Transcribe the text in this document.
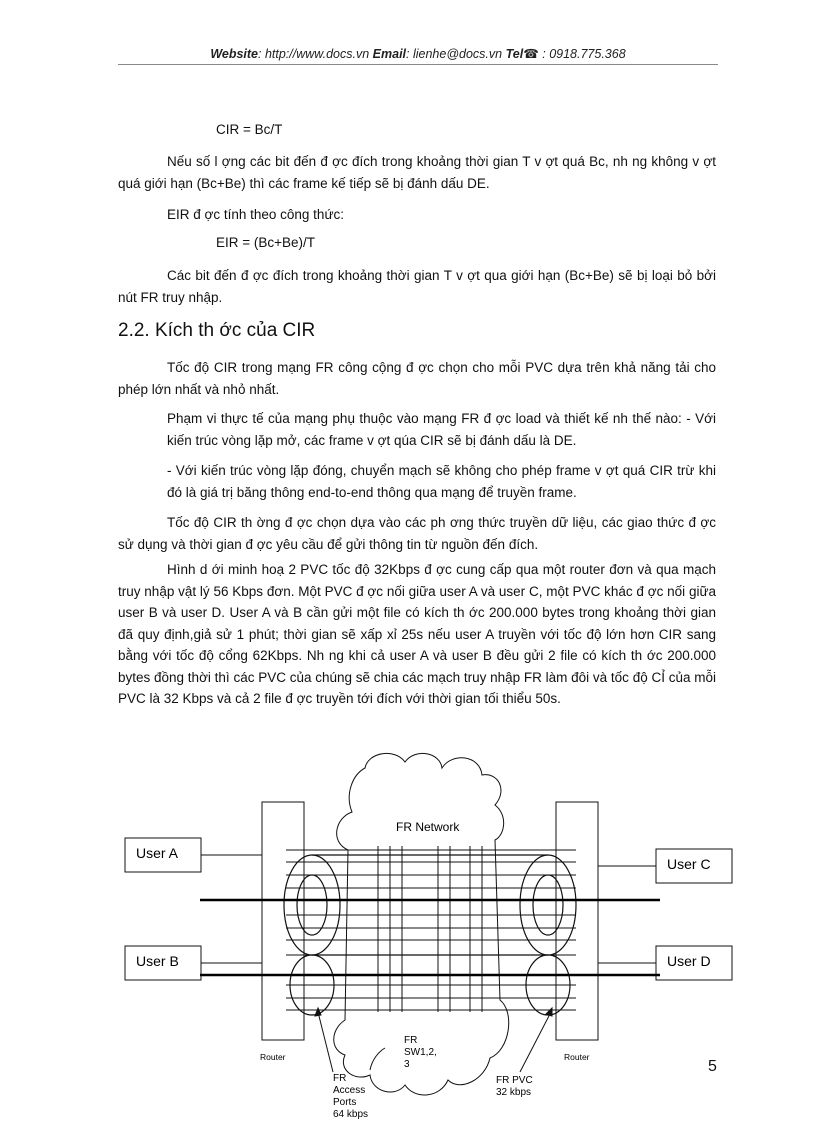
Website: http://www.docs.vn Email: lienhe@docs.vn Tel☎ : 0918.775.368
CIR = Bc/T

Nếu số l ợng các bit đến đ ợc đích trong khoảng thời gian T v ợt quá Bc, nh ng không v ợt quá giới hạn (Bc+Be) thì các frame kế tiếp sẽ bị đánh dấu DE.

EIR đ ợc tính theo công thức:

EIR = (Bc+Be)/T

Các bit đến đ ợc đích trong khoảng thời gian T v ợt qua giới hạn (Bc+Be) sẽ bị loại bỏ bởi nút FR truy nhập.

2.2. Kích th ớc của CIR

Tốc độ CIR trong mạng FR công cộng đ ợc chọn cho mỗi PVC dựa trên khả năng tải cho phép lớn nhất và nhỏ nhất.

Phạm vi thực tế của mạng phụ thuộc vào mạng FR đ ợc load và thiết kế nh thế nào: - Với kiến trúc vòng lặp mở, các frame v ợt qúa CIR sẽ bị đánh dấu là DE.

- Với kiến trúc vòng lặp đóng, chuyển mạch sẽ không cho phép frame v ợt quá CIR trừ khi đó là giá trị băng thông end-to-end thông qua mạng để truyền frame.

Tốc độ CIR th ờng đ ợc chọn dựa vào các ph ơng thức truyền dữ liệu, các giao thức đ ợc sử dụng và thời gian đ ợc yêu cầu để gửi thông tin từ nguồn đến đích.

Hình d ới minh hoạ 2 PVC tốc độ 32Kbps đ ợc cung cấp qua một router đơn và qua mạch truy nhập vật lý 56 Kbps đơn. Một PVC đ ợc nối giữa user A và user C, một PVC khác đ ợc nối giữa user B và user D. User A và B cần gửi một file có kích th ớc 200.000 bytes trong khoảng thời gian đã quy định,giả sử 1 phút; thời gian sẽ xấp xỉ 25s nếu user A truyền với tốc độ lớn hơn CIR sang bằng với tốc độ cổng 62Kbps. Nh ng khi cả user A và user B đều gửi 2 file có kích th ớc 200.000 bytes đồng thời thì các PVC của chúng sẽ chia các mạch truy nhập FR làm đôi và tốc độ CỈ của mỗi PVC là 32 Kbps và cả 2 file đ ợc truyền tới đích với thời gian tối thiểu 50s.

FR Network
User A
User B
User C
User D
Router	Router
FR
SW1,2,
3
FR
Access
Ports
64 kbps
FR PVC
32 kbps
5
